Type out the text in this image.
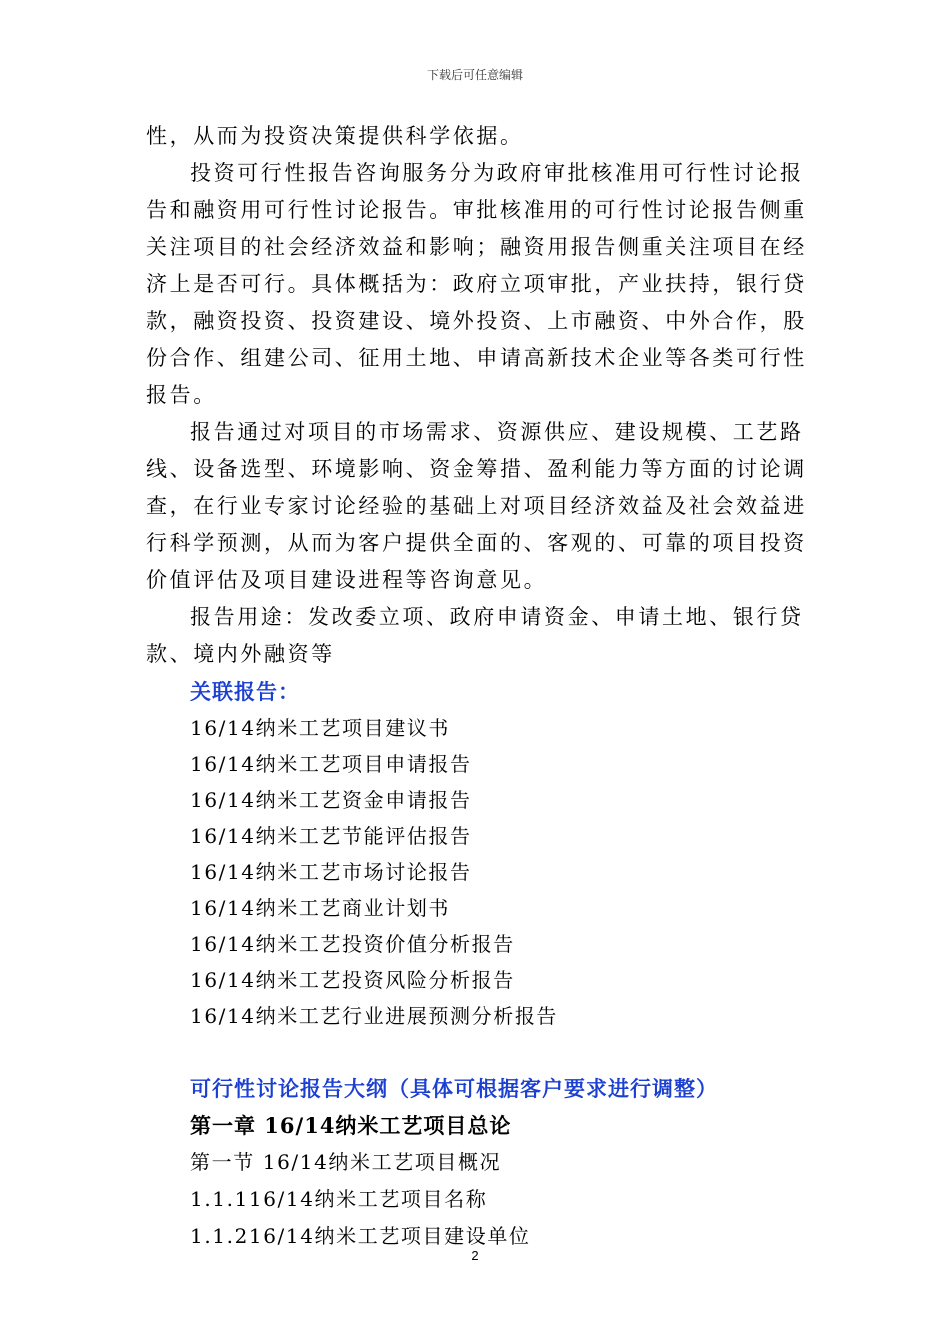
下载后可任意编辑

性，从而为投资决策提供科学依据。

投资可行性报告咨询服务分为政府审批核准用可行性讨论报告和融资用可行性讨论报告。审批核准用的可行性讨论报告侧重关注项目的社会经济效益和影响；融资用报告侧重关注项目在经济上是否可行。具体概括为：政府立项审批，产业扶持，银行贷款，融资投资、投资建设、境外投资、上市融资、中外合作，股份合作、组建公司、征用土地、申请高新技术企业等各类可行性报告。

报告通过对项目的市场需求、资源供应、建设规模、工艺路线、设备选型、环境影响、资金筹措、盈利能力等方面的讨论调查，在行业专家讨论经验的基础上对项目经济效益及社会效益进行科学预测，从而为客户提供全面的、客观的、可靠的项目投资价值评估及项目建设进程等咨询意见。

报告用途：发改委立项、政府申请资金、申请土地、银行贷款、境内外融资等

关联报告：

16/14纳米工艺项目建议书
16/14纳米工艺项目申请报告
16/14纳米工艺资金申请报告
16/14纳米工艺节能评估报告
16/14纳米工艺市场讨论报告
16/14纳米工艺商业计划书
16/14纳米工艺投资价值分析报告
16/14纳米工艺投资风险分析报告
16/14纳米工艺行业进展预测分析报告

可行性讨论报告大纲（具体可根据客户要求进行调整）

第一章 16/14纳米工艺项目总论

第一节 16/14纳米工艺项目概况

1.1.116/14纳米工艺项目名称

1.1.216/14纳米工艺项目建设单位

2
